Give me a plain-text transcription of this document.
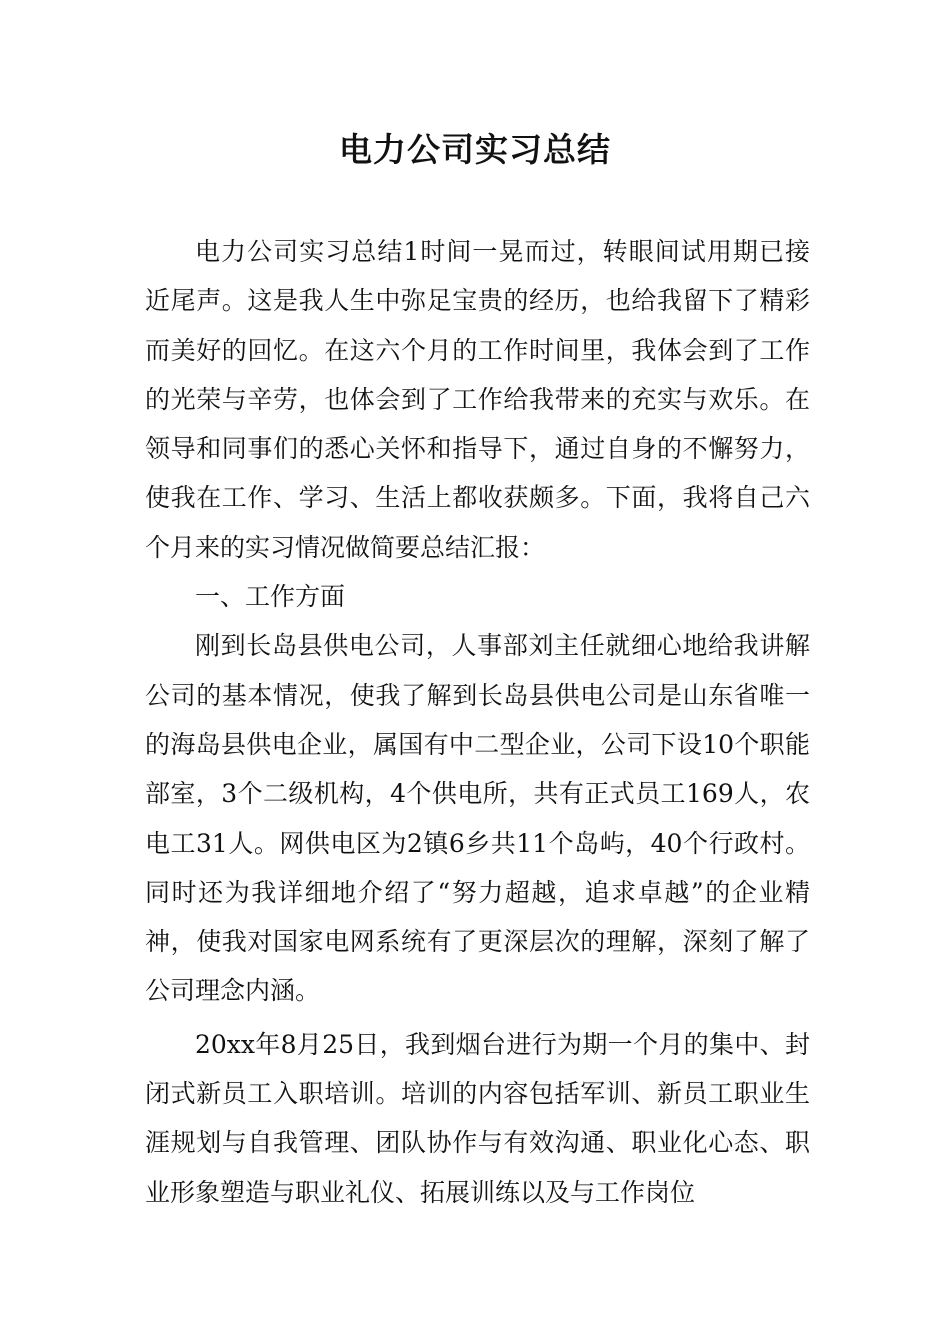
电力公司实习总结

电力公司实习总结1时间一晃而过，转眼间试用期已接近尾声。这是我人生中弥足宝贵的经历，也给我留下了精彩而美好的回忆。在这六个月的工作时间里，我体会到了工作的光荣与辛劳，也体会到了工作给我带来的充实与欢乐。在领导和同事们的悉心关怀和指导下，通过自身的不懈努力，使我在工作、学习、生活上都收获颇多。下面，我将自己六个月来的实习情况做简要总结汇报：

一、工作方面

刚到长岛县供电公司，人事部刘主任就细心地给我讲解公司的基本情况，使我了解到长岛县供电公司是山东省唯一的海岛县供电企业，属国有中二型企业，公司下设10个职能部室，3个二级机构，4个供电所，共有正式员工169人，农电工31人。网供电区为2镇6乡共11个岛屿，40个行政村。同时还为我详细地介绍了“努力超越，追求卓越”的企业精神，使我对国家电网系统有了更深层次的理解，深刻了解了公司理念内涵。

20xx年8月25日，我到烟台进行为期一个月的集中、封闭式新员工入职培训。培训的内容包括军训、新员工职业生涯规划与自我管理、团队协作与有效沟通、职业化心态、职业形象塑造与职业礼仪、拓展训练以及与工作岗位
